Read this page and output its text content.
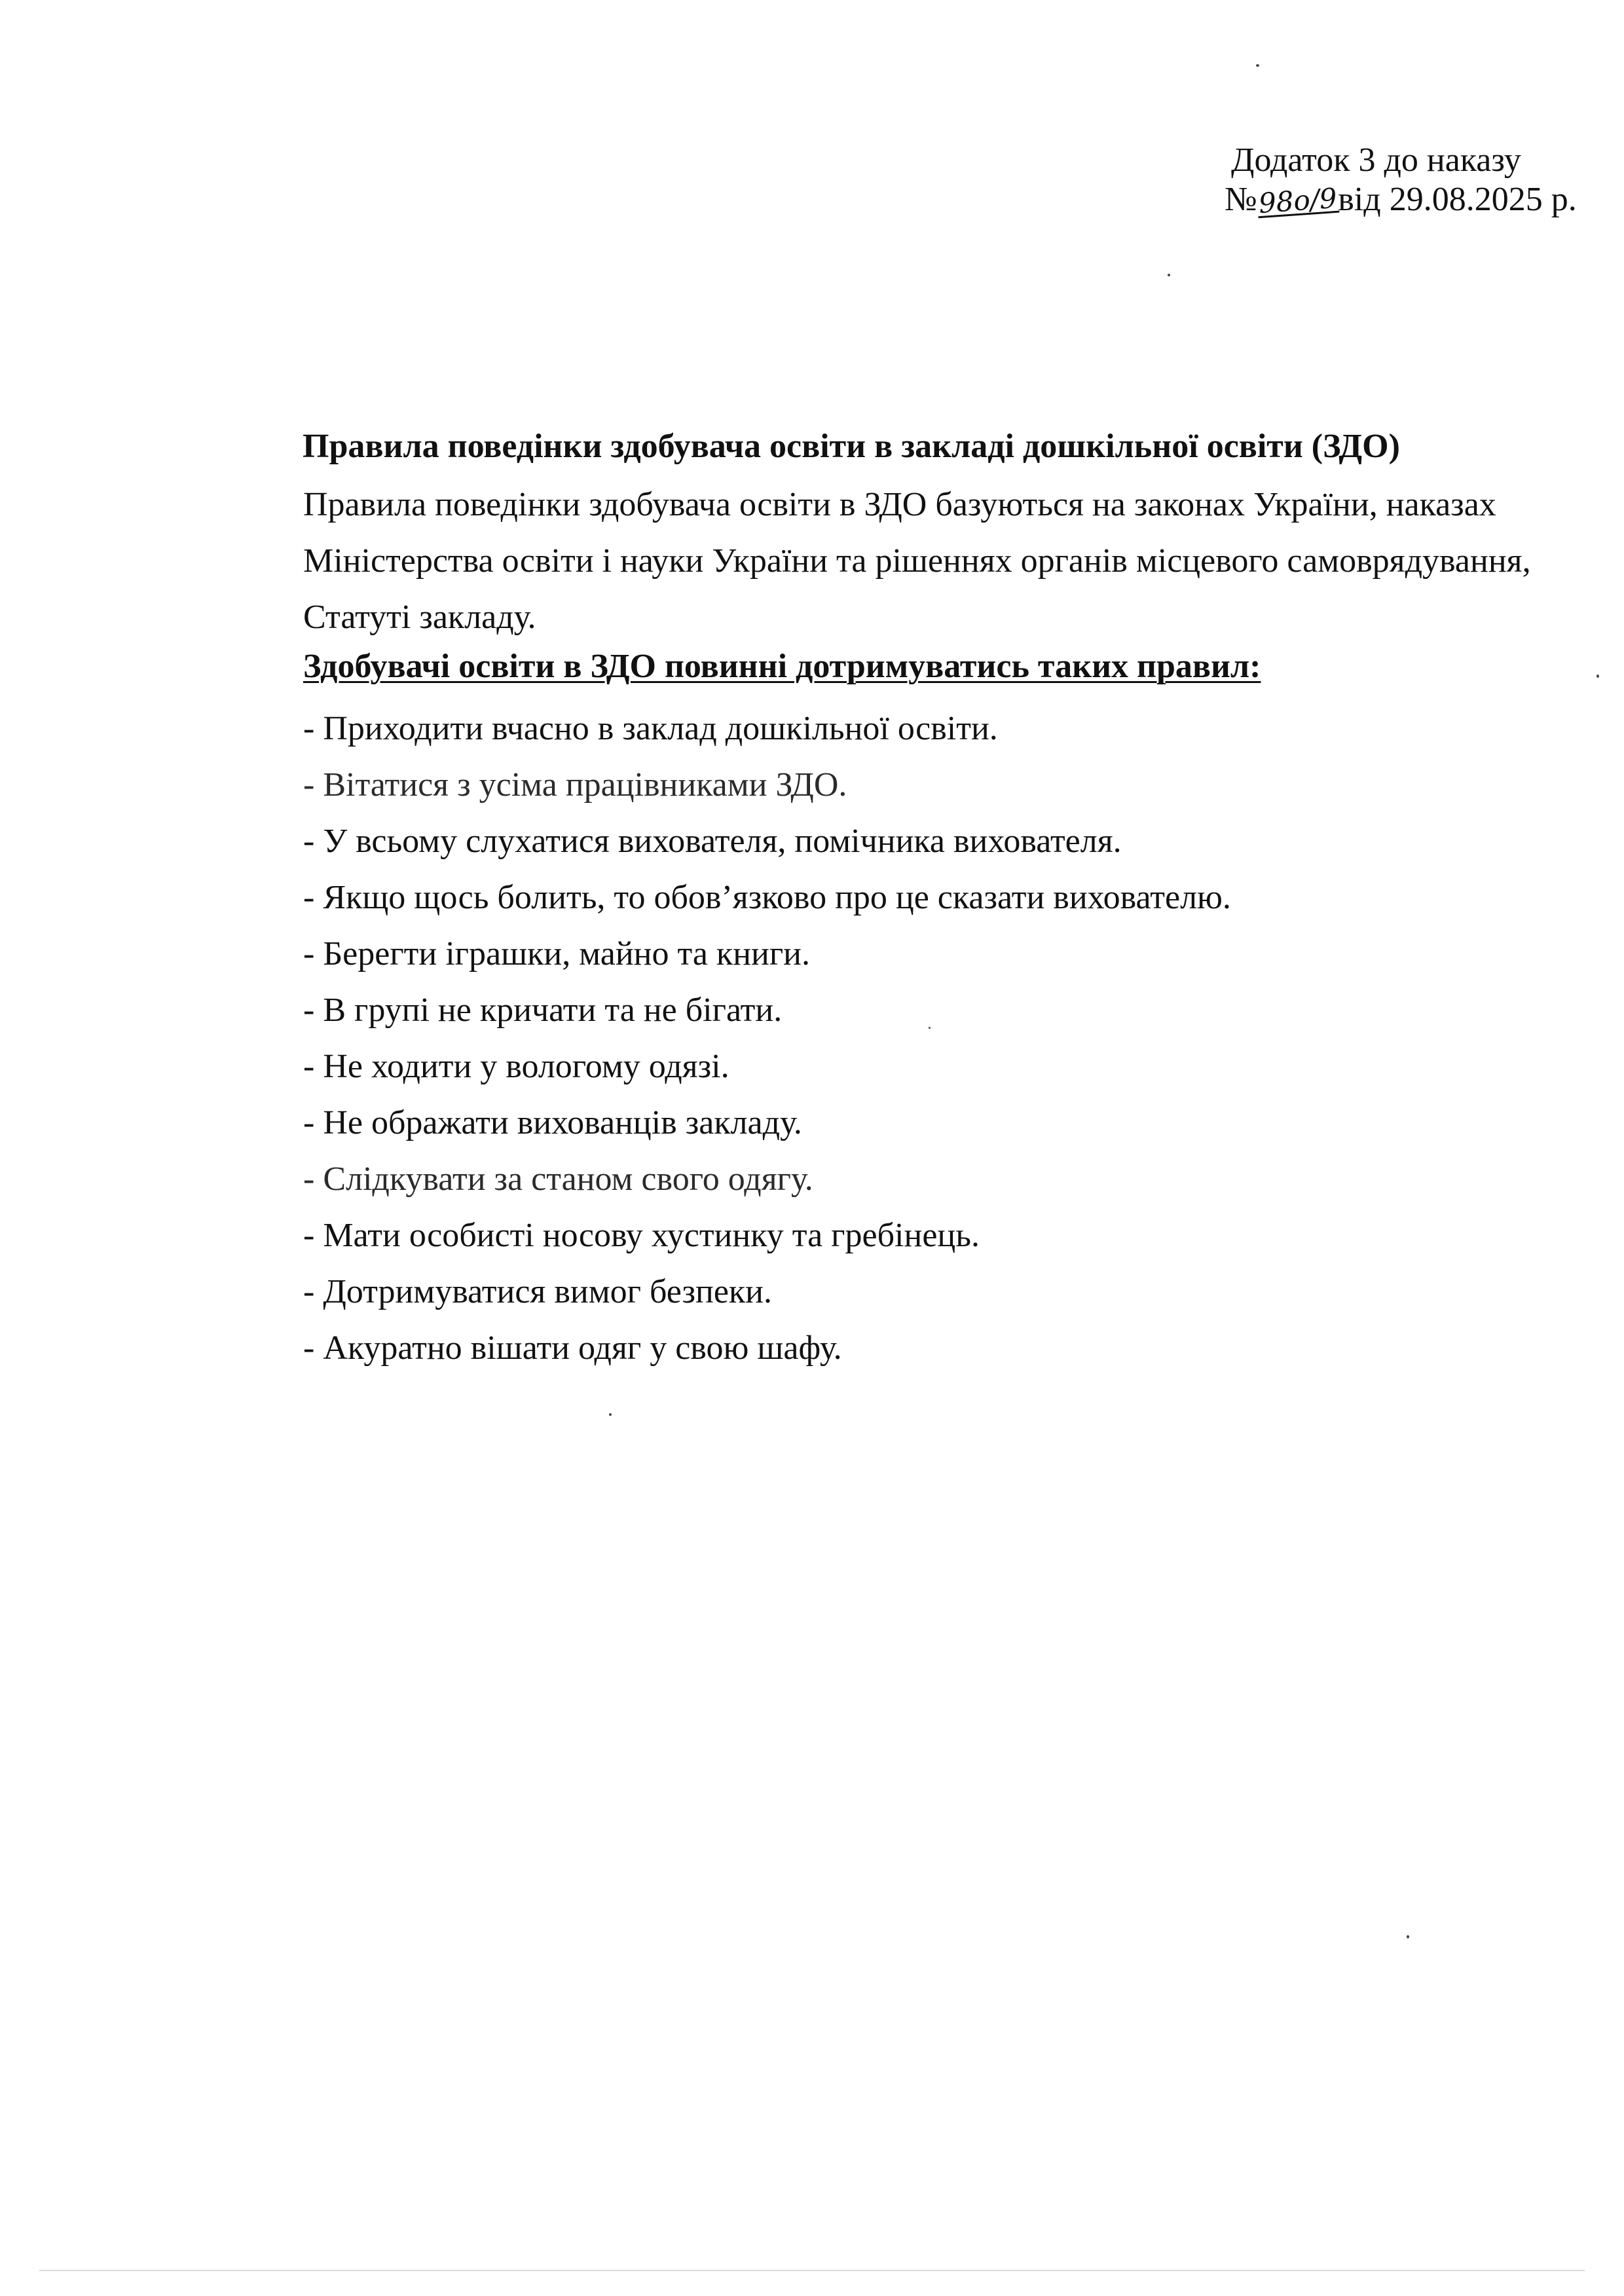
Додаток 3 до наказу
№98о/9від 29.08.2025 р.
Правила поведінки здобувача освіти в закладі дошкільної освіти (ЗДО)
Правила поведінки здобувача освіти в ЗДО базуються на законах України, наказах
Міністерства освіти і науки України та рішеннях органів місцевого самоврядування,
Статуті закладу.
Здобувачі освіти в ЗДО повинні дотримуватись таких правил:
- Приходити вчасно в заклад дошкільної освіти.
- Вітатися з усіма працівниками ЗДО.
- У всьому слухатися вихователя, помічника вихователя.
- Якщо щось болить, то обов’язково про це сказати вихователю.
- Берегти іграшки, майно та книги.
- В групі не кричати та не бігати.
- Не ходити у вологому одязі.
- Не ображати вихованців закладу.
- Слідкувати за станом свого одягу.
- Мати особисті носову хустинку та гребінець.
- Дотримуватися вимог безпеки.
- Акуратно вішати одяг у свою шафу.
